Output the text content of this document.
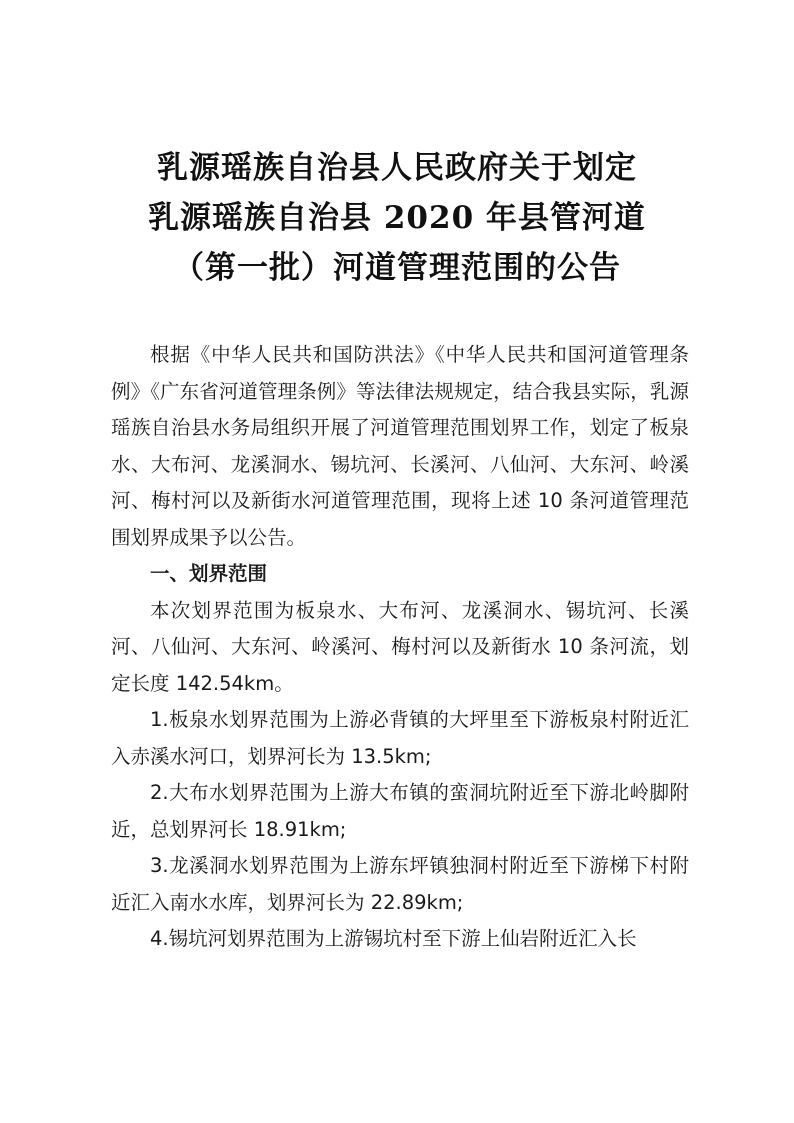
乳源瑶族自治县人民政府关于划定
乳源瑶族自治县 2020 年县管河道
（第一批）河道管理范围的公告

根据《中华人民共和国防洪法》《中华人民共和国河道管理条例》《广东省河道管理条例》等法律法规规定，结合我县实际，乳源瑶族自治县水务局组织开展了河道管理范围划界工作，划定了板泉水、大布河、龙溪洞水、锡坑河、长溪河、八仙河、大东河、岭溪河、梅村河以及新街水河道管理范围，现将上述 10 条河道管理范围划界成果予以公告。

一、划界范围

本次划界范围为板泉水、大布河、龙溪洞水、锡坑河、长溪河、八仙河、大东河、岭溪河、梅村河以及新街水 10 条河流，划定长度 142.54km。

1.板泉水划界范围为上游必背镇的大坪里至下游板泉村附近汇入赤溪水河口，划界河长为 13.5km;

2.大布水划界范围为上游大布镇的蛮洞坑附近至下游北岭脚附近，总划界河长 18.91km;

3.龙溪洞水划界范围为上游东坪镇独洞村附近至下游梯下村附近汇入南水水库，划界河长为 22.89km;

4.锡坑河划界范围为上游锡坑村至下游上仙岩附近汇入长
